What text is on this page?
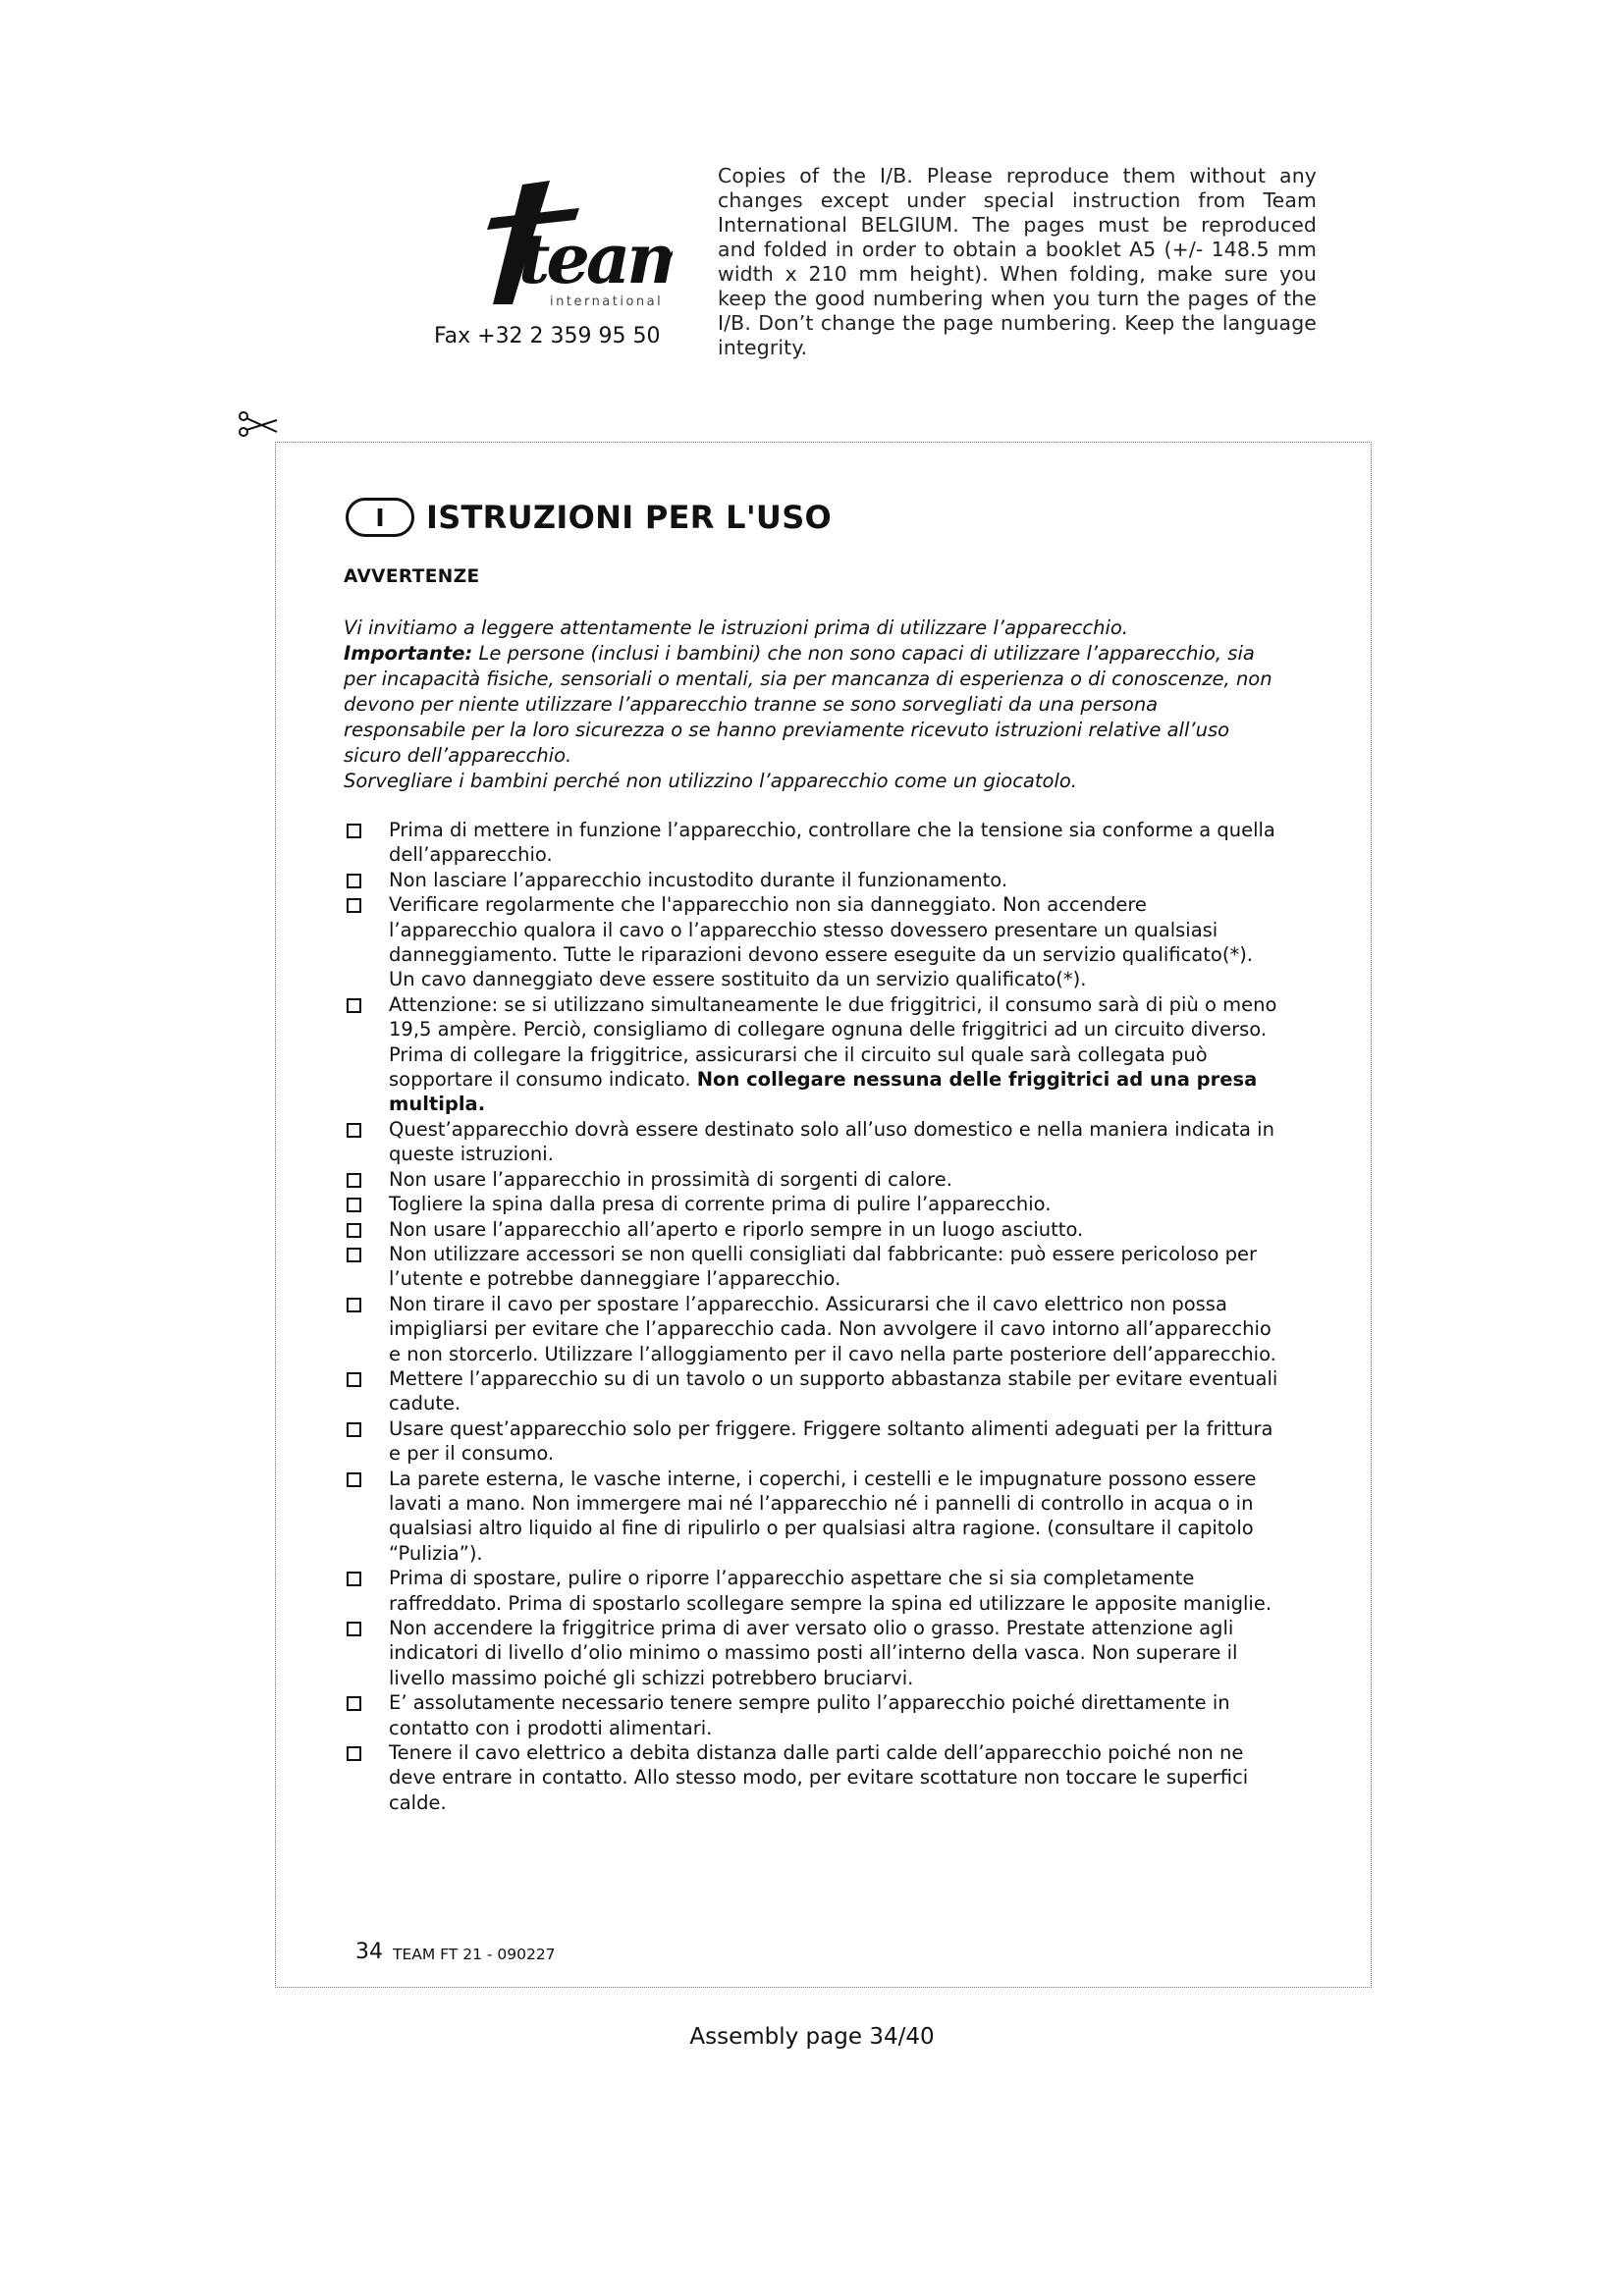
tea
international
Fax +32 2 359 95 50
Copies of the I/B. Please reproduce them without any changes except under special instruction from Team International BELGIUM. The pages must be reproduced and folded in order to obtain a booklet A5 (+/- 148.5 mm width x 210 mm height). When folding, make sure you keep the good numbering when you turn the pages of the I/B. Don’t change the page numbering. Keep the language integrity.
I	ISTRUZIONI PER L'USO
AVVERTENZE

Vi invitiamo a leggere attentamente le istruzioni prima di utilizzare l’apparecchio.

Importante: Le persone (inclusi i bambini) che non sono capaci di utilizzare l’apparecchio, sia per incapacità fisiche, sensoriali o mentali, sia per mancanza di esperienza o di conoscenze, non devono per niente utilizzare l’apparecchio tranne se sono sorvegliati da una persona responsabile per la loro sicurezza o se hanno previamente ricevuto istruzioni relative all’uso sicuro dell’apparecchio.

Sorvegliare i bambini perché non utilizzino l’apparecchio come un giocatolo.

Prima di mettere in funzione l’apparecchio, controllare che la tensione sia conforme a quella dell’apparecchio.
Non lasciare l’apparecchio incustodito durante il funzionamento.
Verificare regolarmente che l'apparecchio non sia danneggiato. Non accendere l’apparecchio qualora il cavo o l’apparecchio stesso dovessero presentare un qualsiasi danneggiamento. Tutte le riparazioni devono essere eseguite da un servizio qualificato(*). Un cavo danneggiato deve essere sostituito da un servizio qualificato(*).
Attenzione: se si utilizzano simultaneamente le due friggitrici, il consumo sarà di più o meno 19,5 ampère. Perciò, consigliamo di collegare ognuna delle friggitrici ad un circuito diverso. Prima di collegare la friggitrice, assicurarsi che il circuito sul quale sarà collegata può sopportare il consumo indicato. Non collegare nessuna delle friggitrici ad una presa multipla.
Quest’apparecchio dovrà essere destinato solo all’uso domestico e nella maniera indicata in queste istruzioni.
Non usare l’apparecchio in prossimità di sorgenti di calore.
Togliere la spina dalla presa di corrente prima di pulire l’apparecchio.
Non usare l’apparecchio all’aperto e riporlo sempre in un luogo asciutto.
Non utilizzare accessori se non quelli consigliati dal fabbricante: può essere pericoloso per l’utente e potrebbe danneggiare l’apparecchio.
Non tirare il cavo per spostare l’apparecchio. Assicurarsi che il cavo elettrico non possa impigliarsi per evitare che l’apparecchio cada. Non avvolgere il cavo intorno all’apparecchio e non storcerlo. Utilizzare l’alloggiamento per il cavo nella parte posteriore dell’apparecchio.
Mettere l’apparecchio su di un tavolo o un supporto abbastanza stabile per evitare eventuali cadute.
Usare quest’apparecchio solo per friggere. Friggere soltanto alimenti adeguati per la frittura e per il consumo.
La parete esterna, le vasche interne, i coperchi, i cestelli e le impugnature possono essere lavati a mano. Non immergere mai né l’apparecchio né i pannelli di controllo in acqua o in qualsiasi altro liquido al fine di ripulirlo o per qualsiasi altra ragione. (consultare il capitolo “Pulizia”).
Prima di spostare, pulire o riporre l’apparecchio aspettare che si sia completamente raffreddato. Prima di spostarlo scollegare sempre la spina ed utilizzare le apposite maniglie.
Non accendere la friggitrice prima di aver versato olio o grasso. Prestate attenzione agli indicatori di livello d’olio minimo o massimo posti all’interno della vasca. Non superare il livello massimo poiché gli schizzi potrebbero bruciarvi.
E’ assolutamente necessario tenere sempre pulito l’apparecchio poiché direttamente in contatto con i prodotti alimentari.
Tenere il cavo elettrico a debita distanza dalle parti calde dell’apparecchio poiché non ne deve entrare in contatto. Allo stesso modo, per evitare scottature non toccare le superfici calde.
34 TEAM FT 21 - 090227
Assembly page 34/40
